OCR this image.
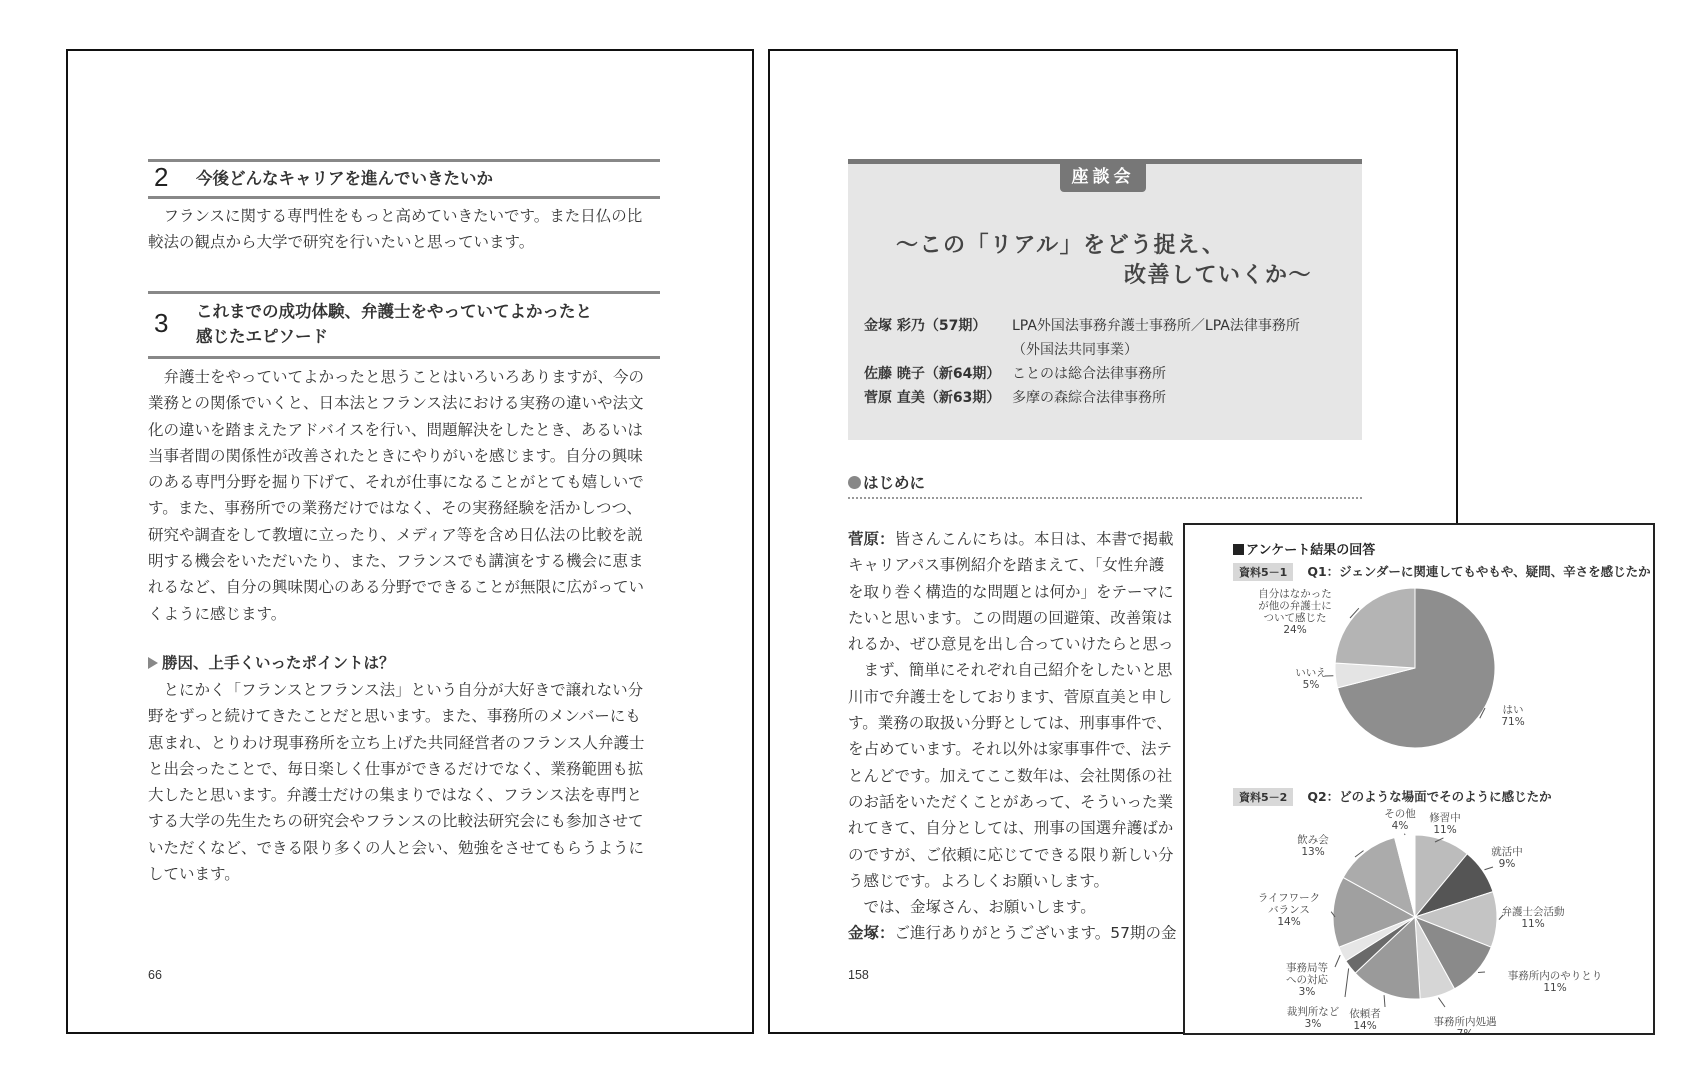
2 今後どんなキャリアを進んでいきたいか
　フランスに関する専門性をもっと高めていきたいです。また日仏の比
較法の観点から大学で研究を行いたいと思っています。
3 これまでの成功体験、弁護士をやっていてよかったと
感じたエピソード
　弁護士をやっていてよかったと思うことはいろいろありますが、今の
業務との関係でいくと、日本法とフランス法における実務の違いや法文
化の違いを踏まえたアドバイスを行い、問題解決をしたとき、あるいは
当事者間の関係性が改善されたときにやりがいを感じます。自分の興味
のある専門分野を掘り下げて、それが仕事になることがとても嬉しいで
す。また、事務所での業務だけではなく、その実務経験を活かしつつ、
研究や調査をして教壇に立ったり、メディア等を含め日仏法の比較を説
明する機会をいただいたり、また、フランスでも講演をする機会に恵ま
れるなど、自分の興味関心のある分野でできることが無限に広がってい
くように感じます。
勝因、上手くいったポイントは？
　とにかく「フランスとフランス法」という自分が大好きで譲れない分
野をずっと続けてきたことだと思います。また、事務所のメンバーにも
恵まれ、とりわけ現事務所を立ち上げた共同経営者のフランス人弁護士
と出会ったことで、毎日楽しく仕事ができるだけでなく、業務範囲も拡
大したと思います。弁護士だけの集まりではなく、フランス法を専門と
する大学の先生たちの研究会やフランスの比較法研究会にも参加させて
いただくなど、できる限り多くの人と会い、勉強をさせてもらうように
しています。
66
座談会
～この「リアル」をどう捉え、
改善していくか～
金塚 彩乃（57期） LPA外国法事務弁護士事務所／LPA法律事務所
（外国法共同事業）
佐藤 暁子（新64期） ことのは総合法律事務所
菅原 直美（新63期） 多摩の森綜合法律事務所
はじめに
菅原：皆さんこんにちは。本日は、本書で掲載
キャリアパス事例紹介を踏まえて、「女性弁護
を取り巻く構造的な問題とは何か」をテーマに
たいと思います。この問題の回避策、改善策は
れるか、ぜひ意見を出し合っていけたらと思っ
　まず、簡単にそれぞれ自己紹介をしたいと思
川市で弁護士をしております、菅原直美と申し
す。業務の取扱い分野としては、刑事事件で、
を占めています。それ以外は家事事件で、法テ
とんどです。加えてここ数年は、会社関係の社
のお話をいただくことがあって、そういった業
れてきて、自分としては、刑事の国選弁護ばか
のですが、ご依頼に応じてできる限り新しい分
う感じです。よろしくお願いします。
　では、金塚さん、お願いします。
金塚：ご進行ありがとうございます。57期の金
158
アンケート結果の回答
資料5－1 Q1：ジェンダーに関連してもやもや、疑問、辛さを感じたか
はい
71%
いいえ
5%
自分はなかった
が他の弁護士に
ついて感じた
24%
資料5－2 Q2：どのような場面でそのように感じたか
修習中
11%
就活中
9%
弁護士会活動
11%
事務所内のやりとり
11%
事務所内処遇
7%
依頼者
14%
裁判所など
3%
事務局等
への対応
3%
ライフワーク
バランス
14%
飲み会
13%
その他
4%
